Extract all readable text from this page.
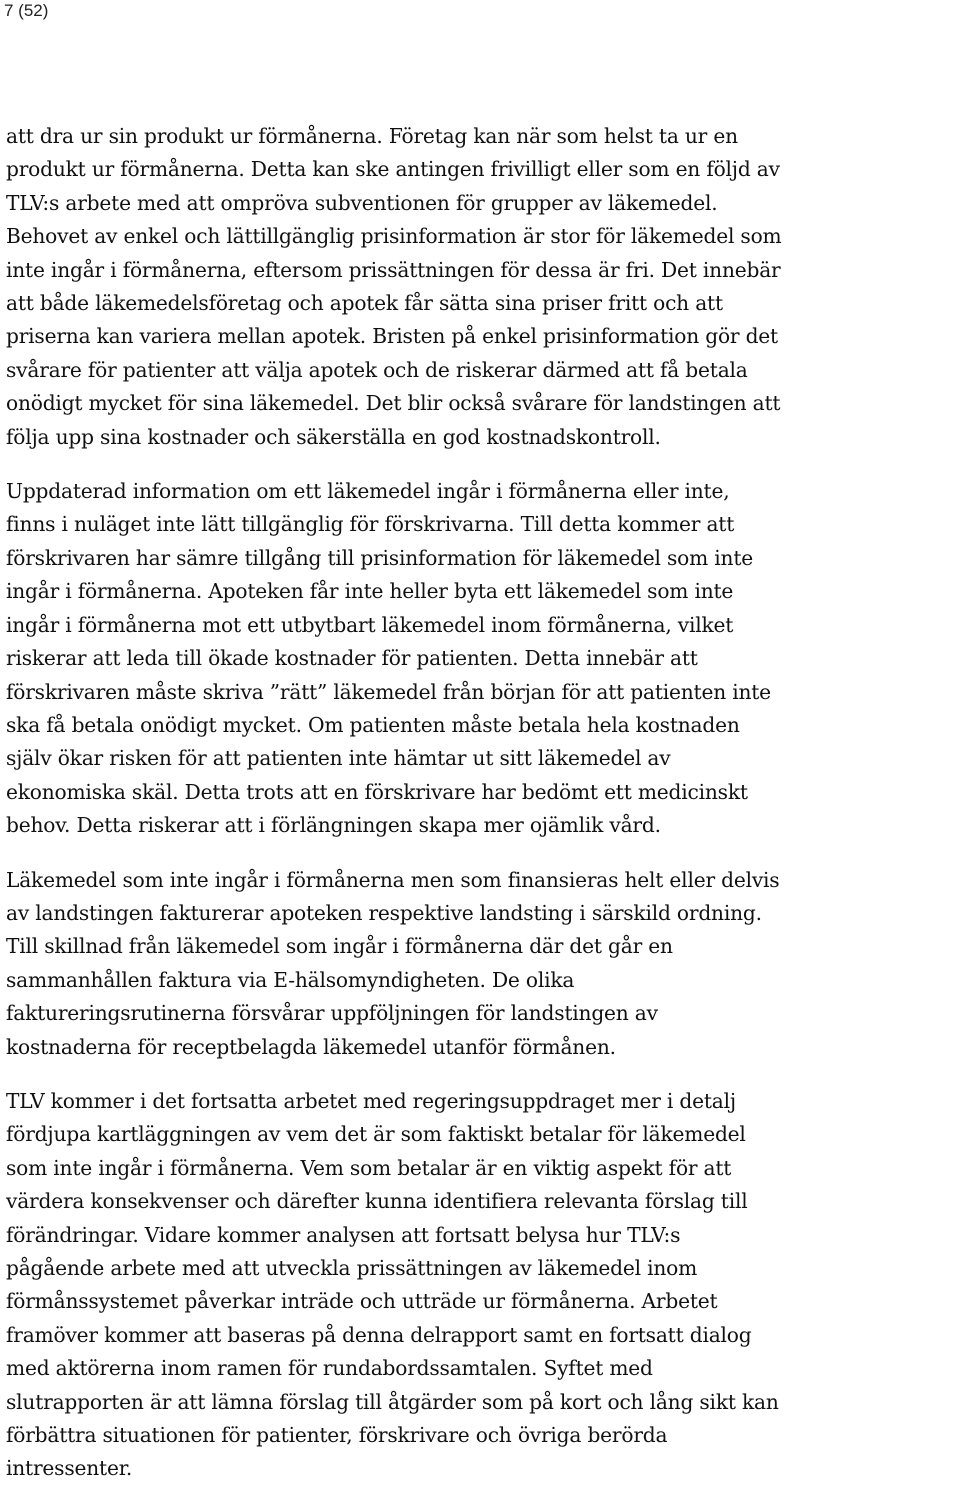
7 (52)
att dra ur sin produkt ur förmånerna. Företag kan när som helst ta ur en
produkt ur förmånerna. Detta kan ske antingen frivilligt eller som en följd av
TLV:s arbete med att ompröva subventionen för grupper av läkemedel.
Behovet av enkel och lättillgänglig prisinformation är stor för läkemedel som
inte ingår i förmånerna, eftersom prissättningen för dessa är fri. Det innebär
att både läkemedelsföretag och apotek får sätta sina priser fritt och att
priserna kan variera mellan apotek. Bristen på enkel prisinformation gör det
svårare för patienter att välja apotek och de riskerar därmed att få betala
onödigt mycket för sina läkemedel. Det blir också svårare för landstingen att
följa upp sina kostnader och säkerställa en god kostnadskontroll.
Uppdaterad information om ett läkemedel ingår i förmånerna eller inte,
finns i nuläget inte lätt tillgänglig för förskrivarna. Till detta kommer att
förskrivaren har sämre tillgång till prisinformation för läkemedel som inte
ingår i förmånerna. Apoteken får inte heller byta ett läkemedel som inte
ingår i förmånerna mot ett utbytbart läkemedel inom förmånerna, vilket
riskerar att leda till ökade kostnader för patienten. Detta innebär att
förskrivaren måste skriva ”rätt” läkemedel från början för att patienten inte
ska få betala onödigt mycket. Om patienten måste betala hela kostnaden
själv ökar risken för att patienten inte hämtar ut sitt läkemedel av
ekonomiska skäl. Detta trots att en förskrivare har bedömt ett medicinskt
behov. Detta riskerar att i förlängningen skapa mer ojämlik vård.
Läkemedel som inte ingår i förmånerna men som finansieras helt eller delvis
av landstingen fakturerar apoteken respektive landsting i särskild ordning.
Till skillnad från läkemedel som ingår i förmånerna där det går en
sammanhållen faktura via E-hälsomyndigheten. De olika
faktureringsrutinerna försvårar uppföljningen för landstingen av
kostnaderna för receptbelagda läkemedel utanför förmånen.
TLV kommer i det fortsatta arbetet med regeringsuppdraget mer i detalj
fördjupa kartläggningen av vem det är som faktiskt betalar för läkemedel
som inte ingår i förmånerna. Vem som betalar är en viktig aspekt för att
värdera konsekvenser och därefter kunna identifiera relevanta förslag till
förändringar. Vidare kommer analysen att fortsatt belysa hur TLV:s
pågående arbete med att utveckla prissättningen av läkemedel inom
förmånssystemet påverkar inträde och utträde ur förmånerna. Arbetet
framöver kommer att baseras på denna delrapport samt en fortsatt dialog
med aktörerna inom ramen för rundabordssamtalen. Syftet med
slutrapporten är att lämna förslag till åtgärder som på kort och lång sikt kan
förbättra situationen för patienter, förskrivare och övriga berörda
intressenter.
